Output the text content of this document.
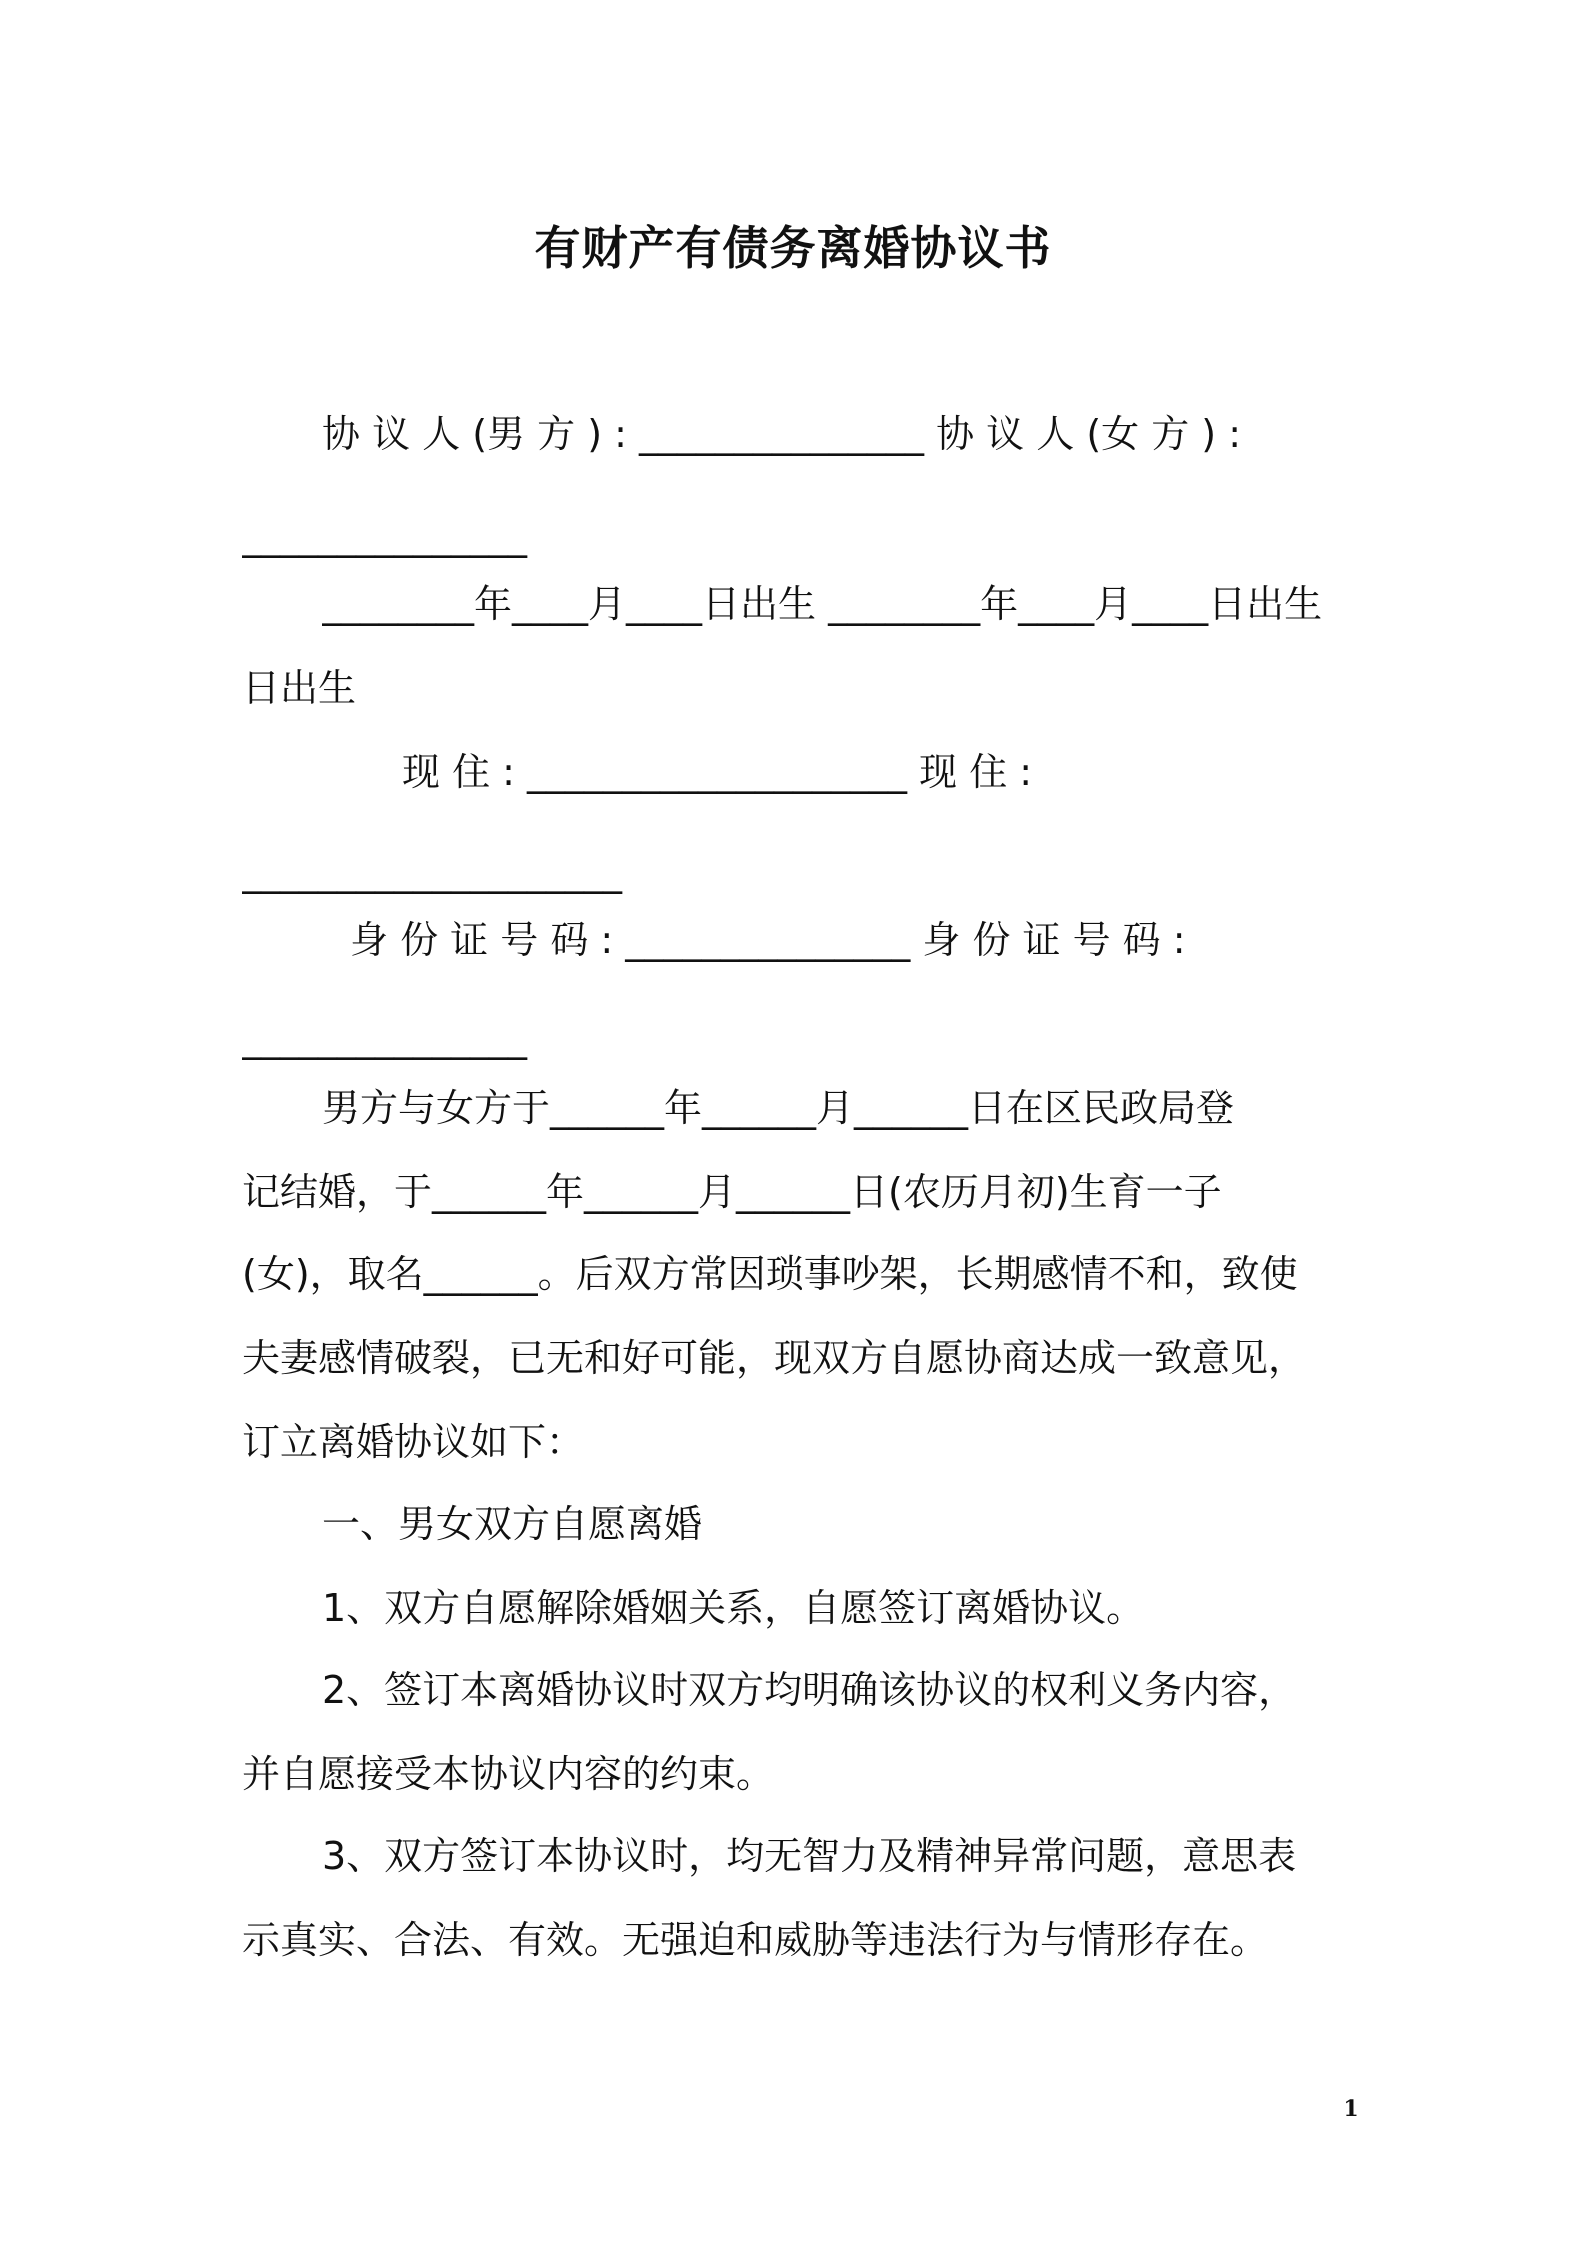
有财产有债务离婚协议书
协 议 人 (男 方 ) : _______________ 协 议 人 (女 方 ) :
_______________
________年____月____日出生 ________年____月____日出生
日出生
现 住 : ____________________ 现 住 :
____________________
身 份 证 号 码 : _______________ 身 份 证 号 码 :
_______________
男方与女方于______年______月______日在区民政局登
记结婚，于______年______月______日(农历月初)生育一子
(女)，取名______。后双方常因琐事吵架，长期感情不和，致使
夫妻感情破裂，已无和好可能，现双方自愿协商达成一致意见，
订立离婚协议如下：
一、男女双方自愿离婚
1、双方自愿解除婚姻关系，自愿签订离婚协议。
2、签订本离婚协议时双方均明确该协议的权利义务内容，
并自愿接受本协议内容的约束。
3、双方签订本协议时，均无智力及精神异常问题，意思表
示真实、合法、有效。无强迫和威胁等违法行为与情形存在。
1
